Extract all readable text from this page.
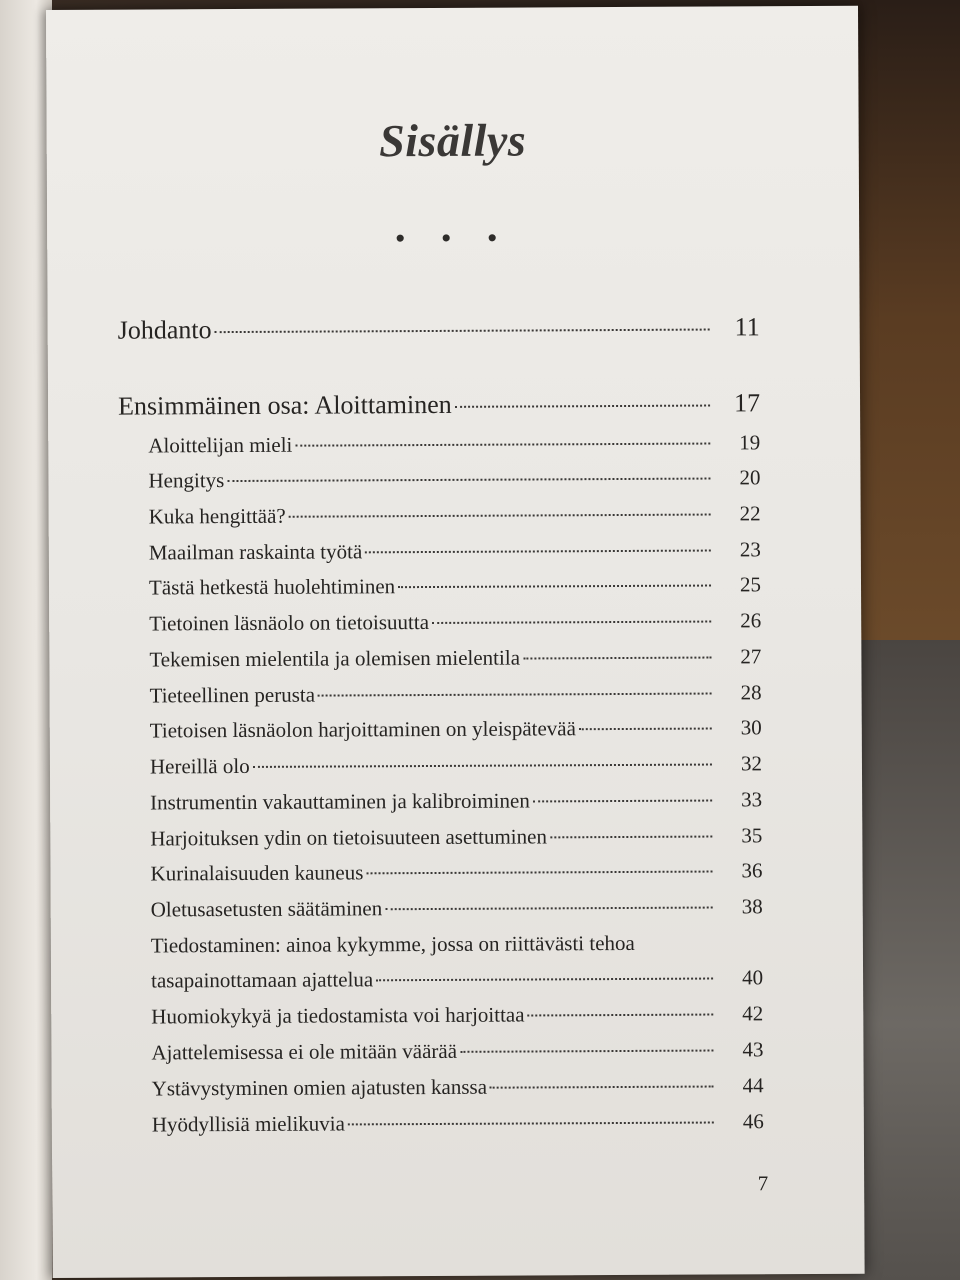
Sisällys
• • •
Johdanto	11
Ensimmäinen osa: Aloittaminen	17
Aloittelijan mieli	19
Hengitys	20
Kuka hengittää?	22
Maailman raskainta työtä	23
Tästä hetkestä huolehtiminen	25
Tietoinen läsnäolo on tietoisuutta	26
Tekemisen mielentila ja olemisen mielentila	27
Tieteellinen perusta	28
Tietoisen läsnäolon harjoittaminen on yleispätevää	30
Hereillä olo	32
Instrumentin vakauttaminen ja kalibroiminen	33
Harjoituksen ydin on tietoisuuteen asettuminen	35
Kurinalaisuuden kauneus	36
Oletusasetusten säätäminen	38
Tiedostaminen: ainoa kykymme, jossa on riittävästi tehoa
tasapainottamaan ajattelua	40
Huomiokykyä ja tiedostamista voi harjoittaa	42
Ajattelemisessa ei ole mitään väärää	43
Ystävystyminen omien ajatusten kanssa	44
Hyödyllisiä mielikuvia	46
7
